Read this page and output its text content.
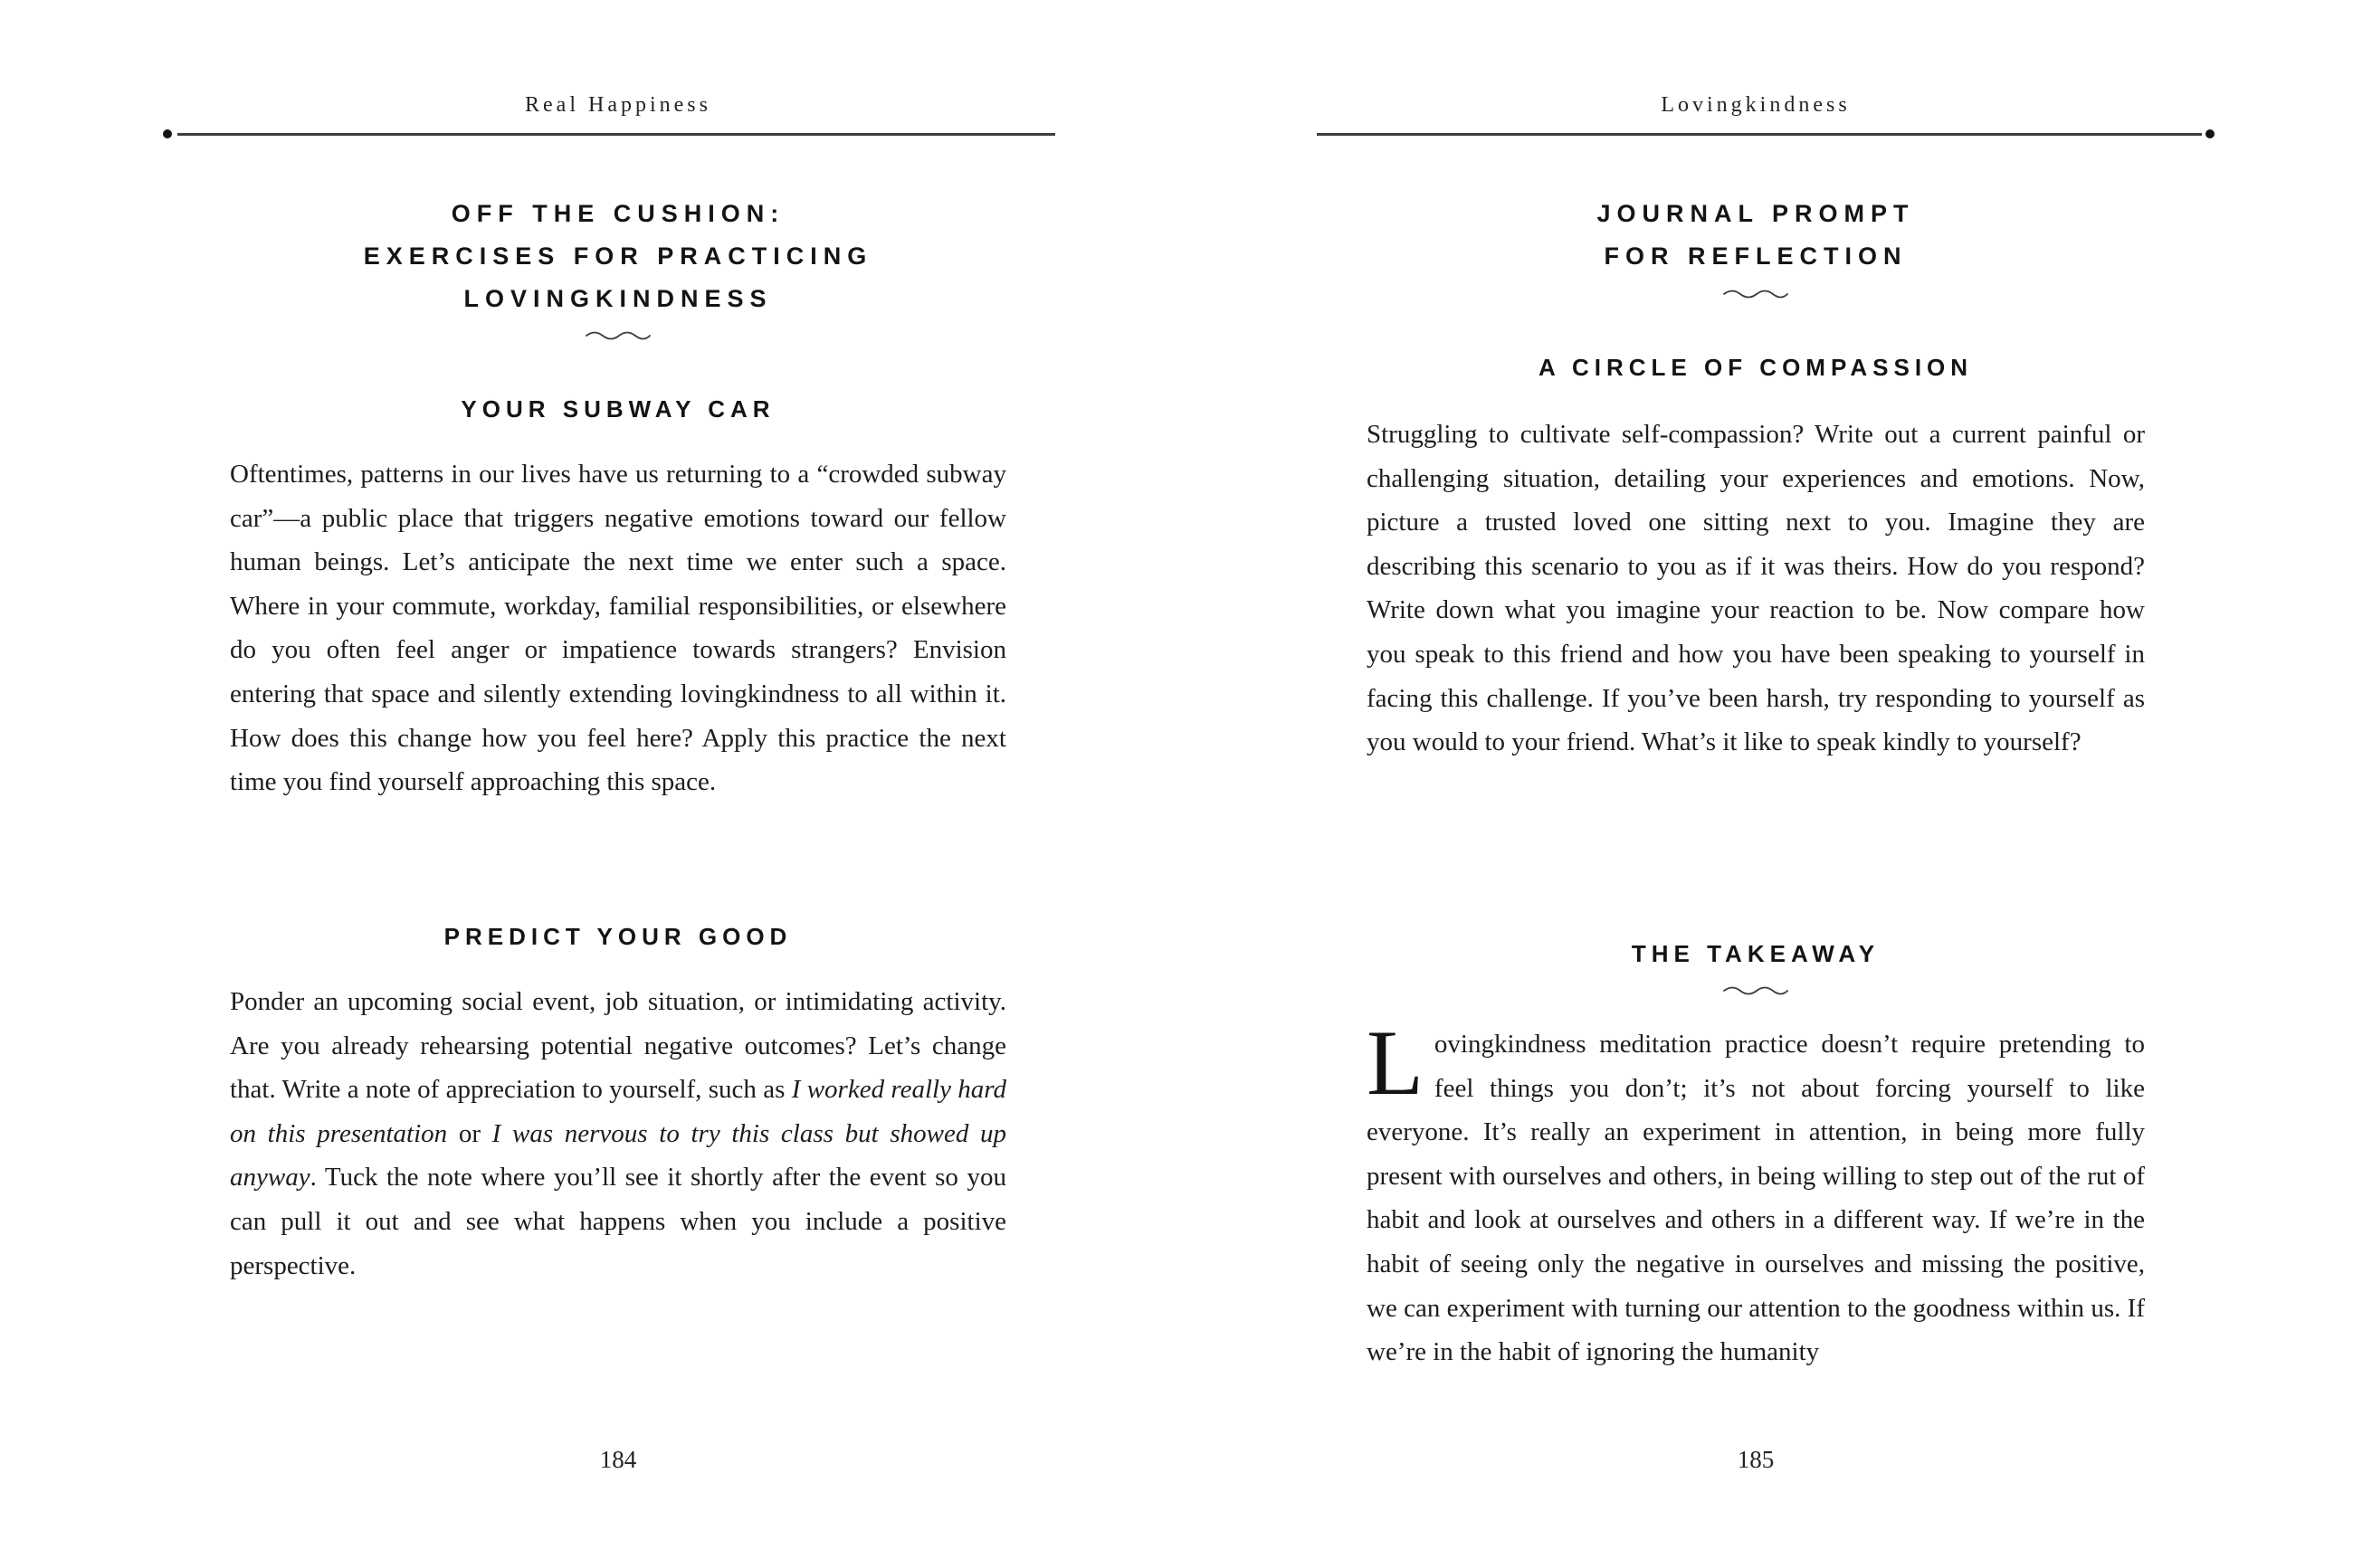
Real Happiness
OFF THE CUSHION:
EXERCISES FOR PRACTICING
LOVINGKINDNESS
YOUR SUBWAY CAR
Oftentimes, patterns in our lives have us returning to a “crowded subway car”—a public place that triggers negative emotions toward our fellow human beings. Let’s anticipate the next time we enter such a space. Where in your commute, workday, familial responsibilities, or elsewhere do you often feel anger or impatience towards strangers? Envision entering that space and silently extending lovingkindness to all within it. How does this change how you feel here? Apply this practice the next time you find yourself approaching this space.
PREDICT YOUR GOOD
Ponder an upcoming social event, job situation, or intimidating activity. Are you already rehearsing potential negative outcomes? Let’s change that. Write a note of appreciation to yourself, such as I worked really hard on this presentation or I was nervous to try this class but showed up anyway. Tuck the note where you’ll see it shortly after the event so you can pull it out and see what happens when you include a positive perspective.
184
Lovingkindness
JOURNAL PROMPT
FOR REFLECTION
A CIRCLE OF COMPASSION
Struggling to cultivate self-compassion? Write out a current painful or challenging situation, detailing your experiences and emotions. Now, picture a trusted loved one sitting next to you. Imagine they are describing this scenario to you as if it was theirs. How do you respond? Write down what you imagine your reaction to be. Now compare how you speak to this friend and how you have been speaking to yourself in facing this challenge. If you’ve been harsh, try responding to yourself as you would to your friend. What’s it like to speak kindly to yourself?
THE TAKEAWAY
Lovingkindness meditation practice doesn’t require pretending to feel things you don’t; it’s not about forcing yourself to like everyone. It’s really an experiment in attention, in being more fully present with ourselves and others, in being willing to step out of the rut of habit and look at ourselves and others in a different way. If we’re in the habit of seeing only the negative in ourselves and missing the positive, we can experiment with turning our attention to the goodness within us. If we’re in the habit of ignoring the humanity
185
